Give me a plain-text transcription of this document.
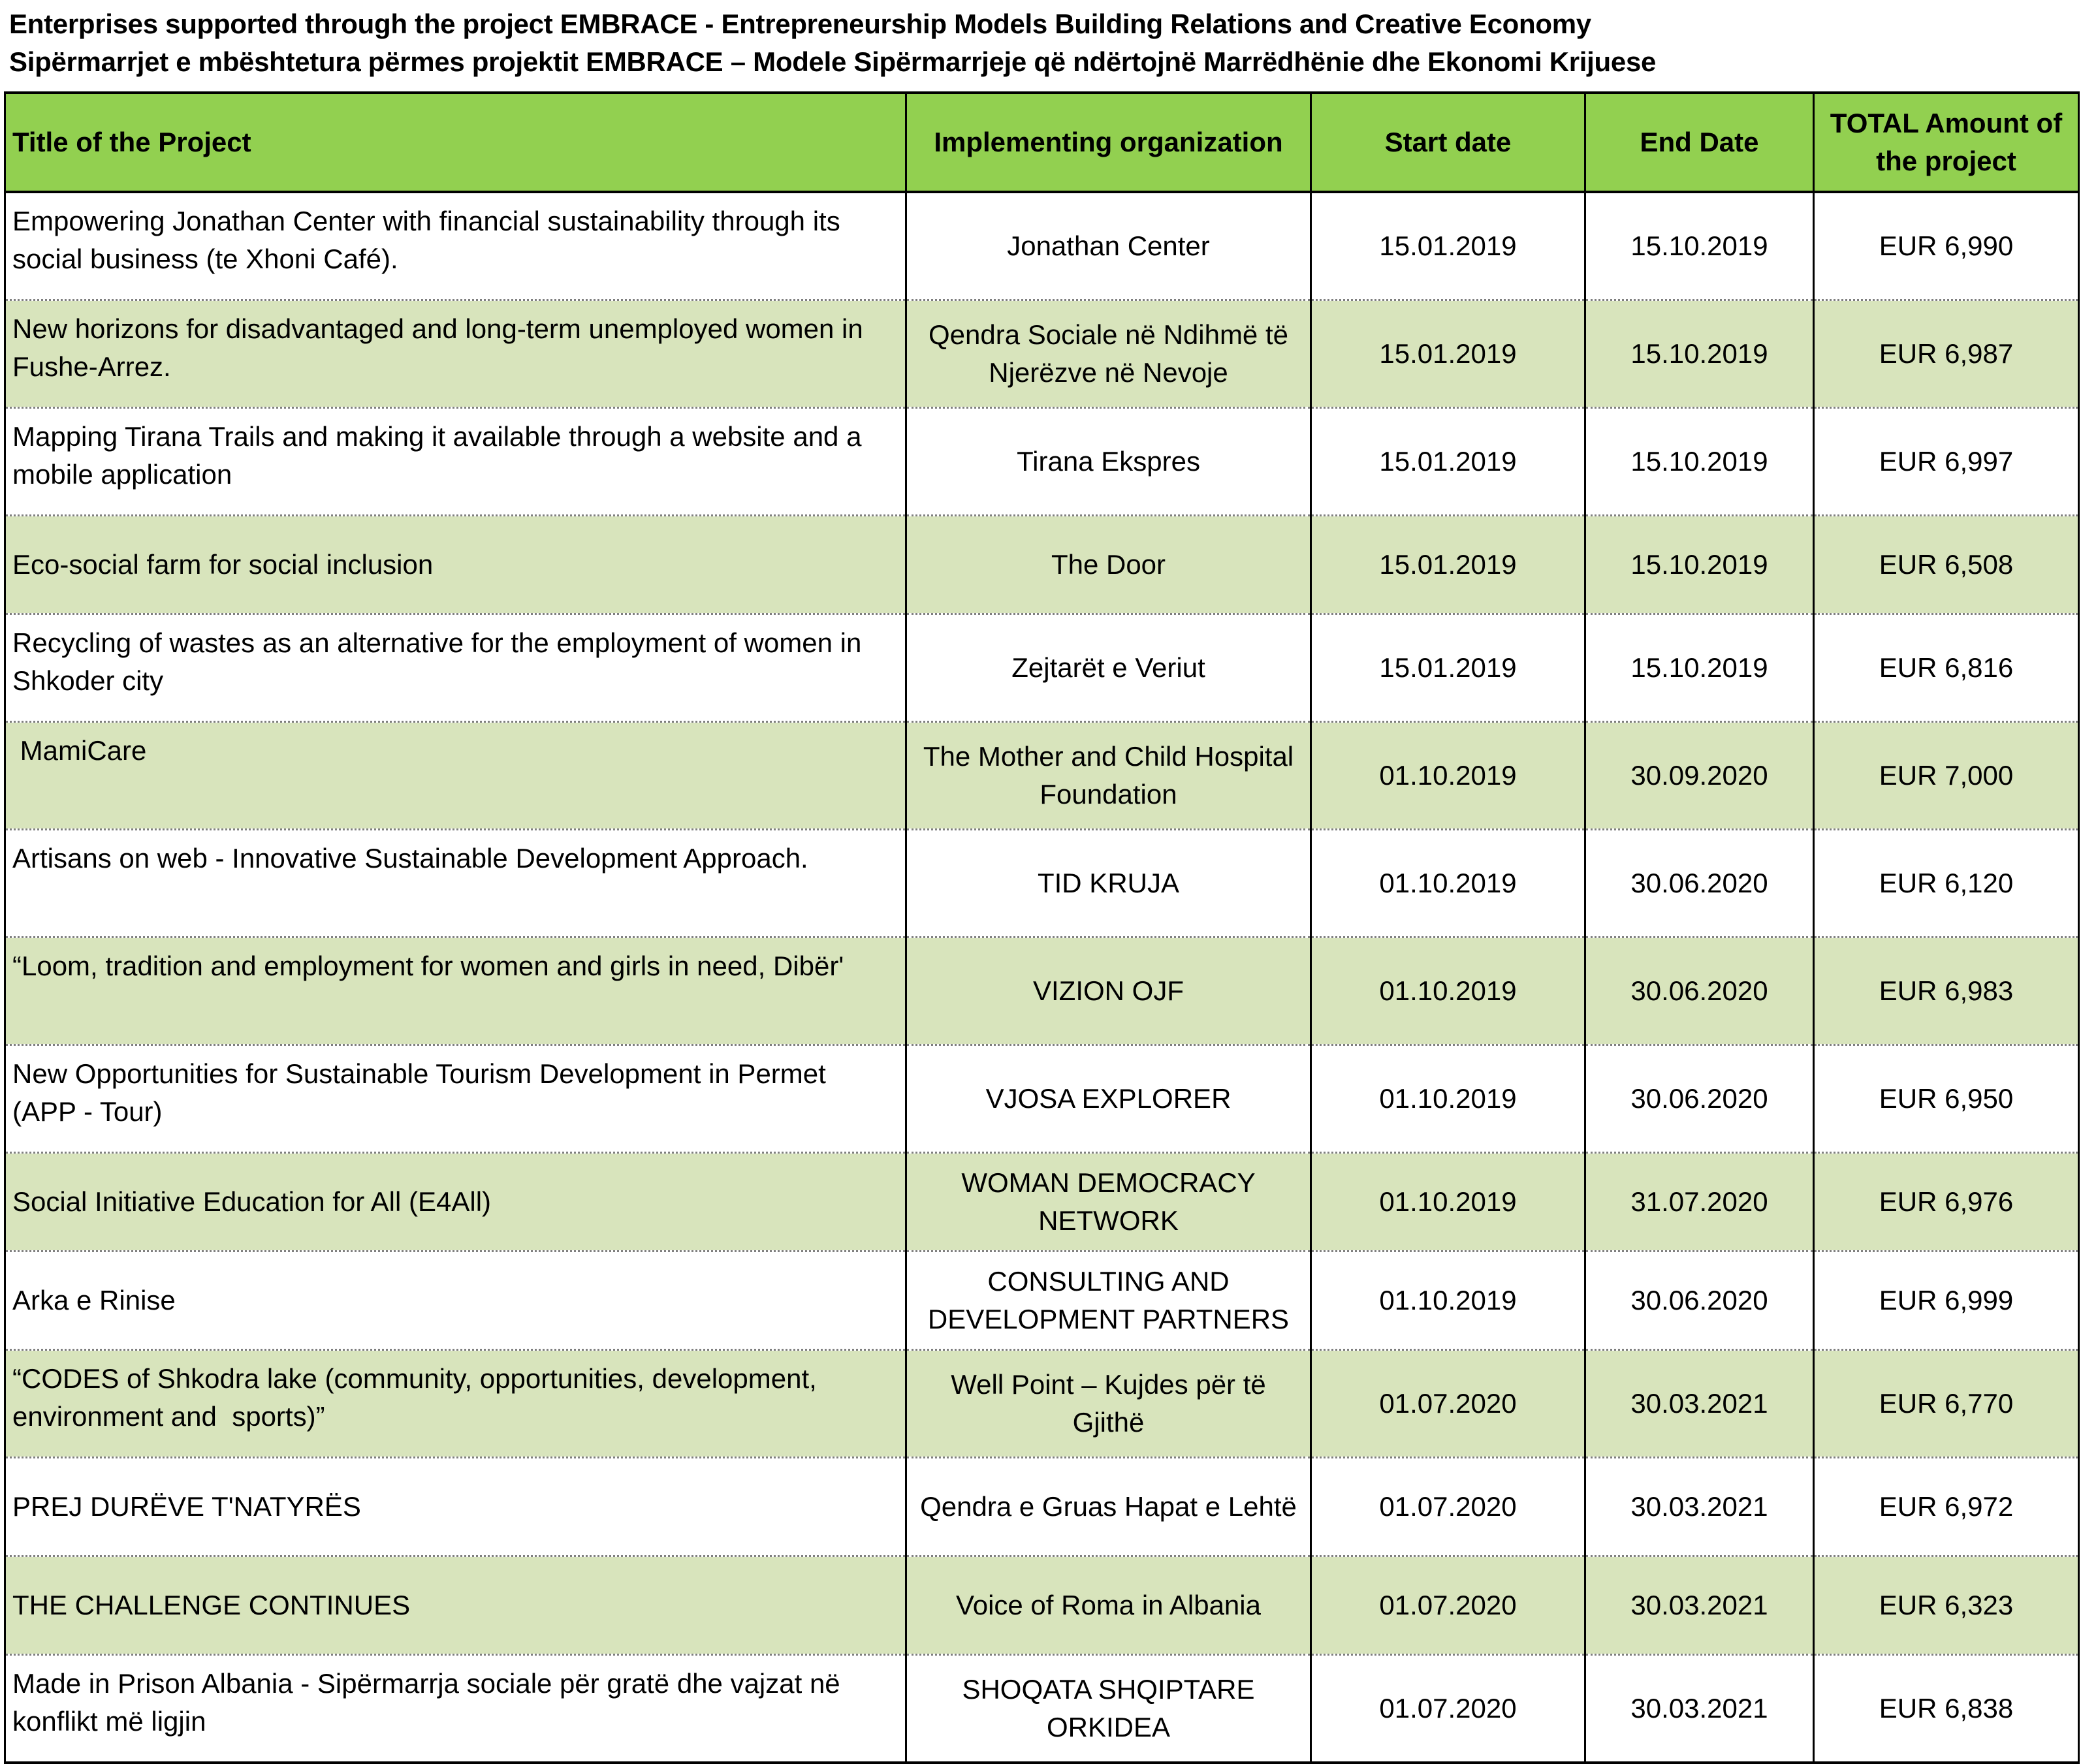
Enterprises supported through the project EMBRACE - Entrepreneurship Models Building Relations and Creative Economy
Sipërmarrjet e mbështetura përmes projektit EMBRACE – Modele Sipërmarrjeje që ndërtojnë Marrëdhënie dhe Ekonomi Krijuese
Title of the Project	Implementing organization	Start date	End Date	TOTAL Amount of the project
Empowering Jonathan Center with financial sustainability through its social business (te Xhoni Café).	Jonathan Center	15.01.2019	15.10.2019	EUR 6,990
New horizons for disadvantaged and long-term unemployed women in Fushe-Arrez.	Qendra Sociale në Ndihmë të Njerëzve në Nevoje	15.01.2019	15.10.2019	EUR 6,987
Mapping Tirana Trails and making it available through a website and a mobile application	Tirana Ekspres	15.01.2019	15.10.2019	EUR 6,997
Eco-social farm for social inclusion	The Door	15.01.2019	15.10.2019	EUR 6,508
Recycling of wastes as an alternative for the employment of women in Shkoder city	Zejtarët e Veriut	15.01.2019	15.10.2019	EUR 6,816
MamiCare	The Mother and Child Hospital Foundation	01.10.2019	30.09.2020	EUR 7,000
Artisans on web - Innovative Sustainable Development Approach.	TID KRUJA	01.10.2019	30.06.2020	EUR 6,120
“Loom, tradition and employment for women and girls in need, Dibër'	VIZION OJF	01.10.2019	30.06.2020	EUR 6,983
New Opportunities for Sustainable Tourism Development in Permet  (APP - Tour)	VJOSA EXPLORER	01.10.2019	30.06.2020	EUR 6,950
Social Initiative Education for All (E4All)	WOMAN DEMOCRACY NETWORK	01.10.2019	31.07.2020	EUR 6,976
Arka e Rinise	CONSULTING AND DEVELOPMENT PARTNERS	01.10.2019	30.06.2020	EUR 6,999
“CODES of Shkodra lake (community, opportunities, development, environment and  sports)”	Well Point – Kujdes për të Gjithë	01.07.2020	30.03.2021	EUR 6,770
PREJ DURËVE T'NATYRËS	Qendra e Gruas Hapat e Lehtë	01.07.2020	30.03.2021	EUR 6,972
THE CHALLENGE CONTINUES	Voice of Roma in Albania	01.07.2020	30.03.2021	EUR 6,323
Made in Prison Albania - Sipërmarrja sociale për gratë dhe vajzat në konflikt më ligjin	SHOQATA SHQIPTARE ORKIDEA	01.07.2020	30.03.2021	EUR 6,838
